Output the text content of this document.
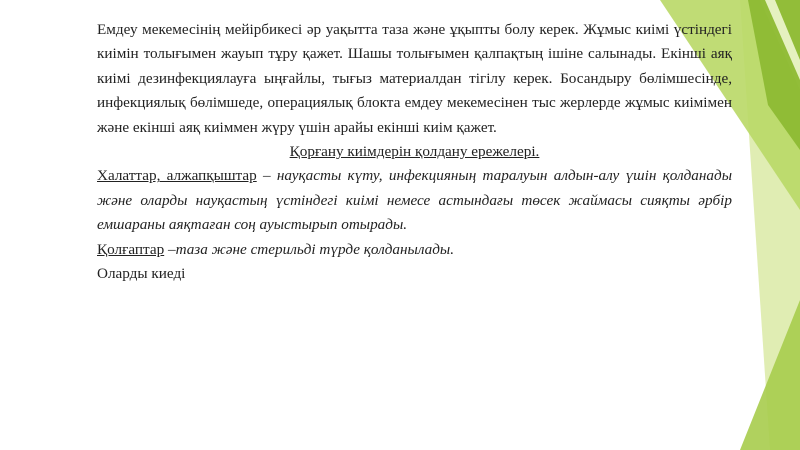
Емдеу мекемесінің мейірбикесі әр уақытта таза және ұқыпты болу керек. Жұмыс киімі үстіндегі киімін толығымен жауып тұру қажет. Шашы толығымен қалпақтың ішіне салынады. Екінші аяқ киімі дезинфекциялауға ыңғайлы, тығыз материалдан тігілу керек. Босандыру бөлімшесінде, инфекциялық бөлімшеде, операциялық блокта емдеу мекемесінен тыс жерлерде жұмыс киімімен және екінші аяқ киіммен жүру үшін арайы екінші киім қажет.

Қорғану киімдерін қолдану ережелері.

Халаттар, алжапқыштар – науқасты күту, инфекцияның таралуын алдын-алу үшін қолданады және оларды науқастың үстіндегі киімі немесе астындағы төсек жаймасы сияқты әрбір емшараны аяқтаған соң ауыстырып отырады.

Қолғаптар –таза және стерильді түрде қолданылады.

Оларды киеді
